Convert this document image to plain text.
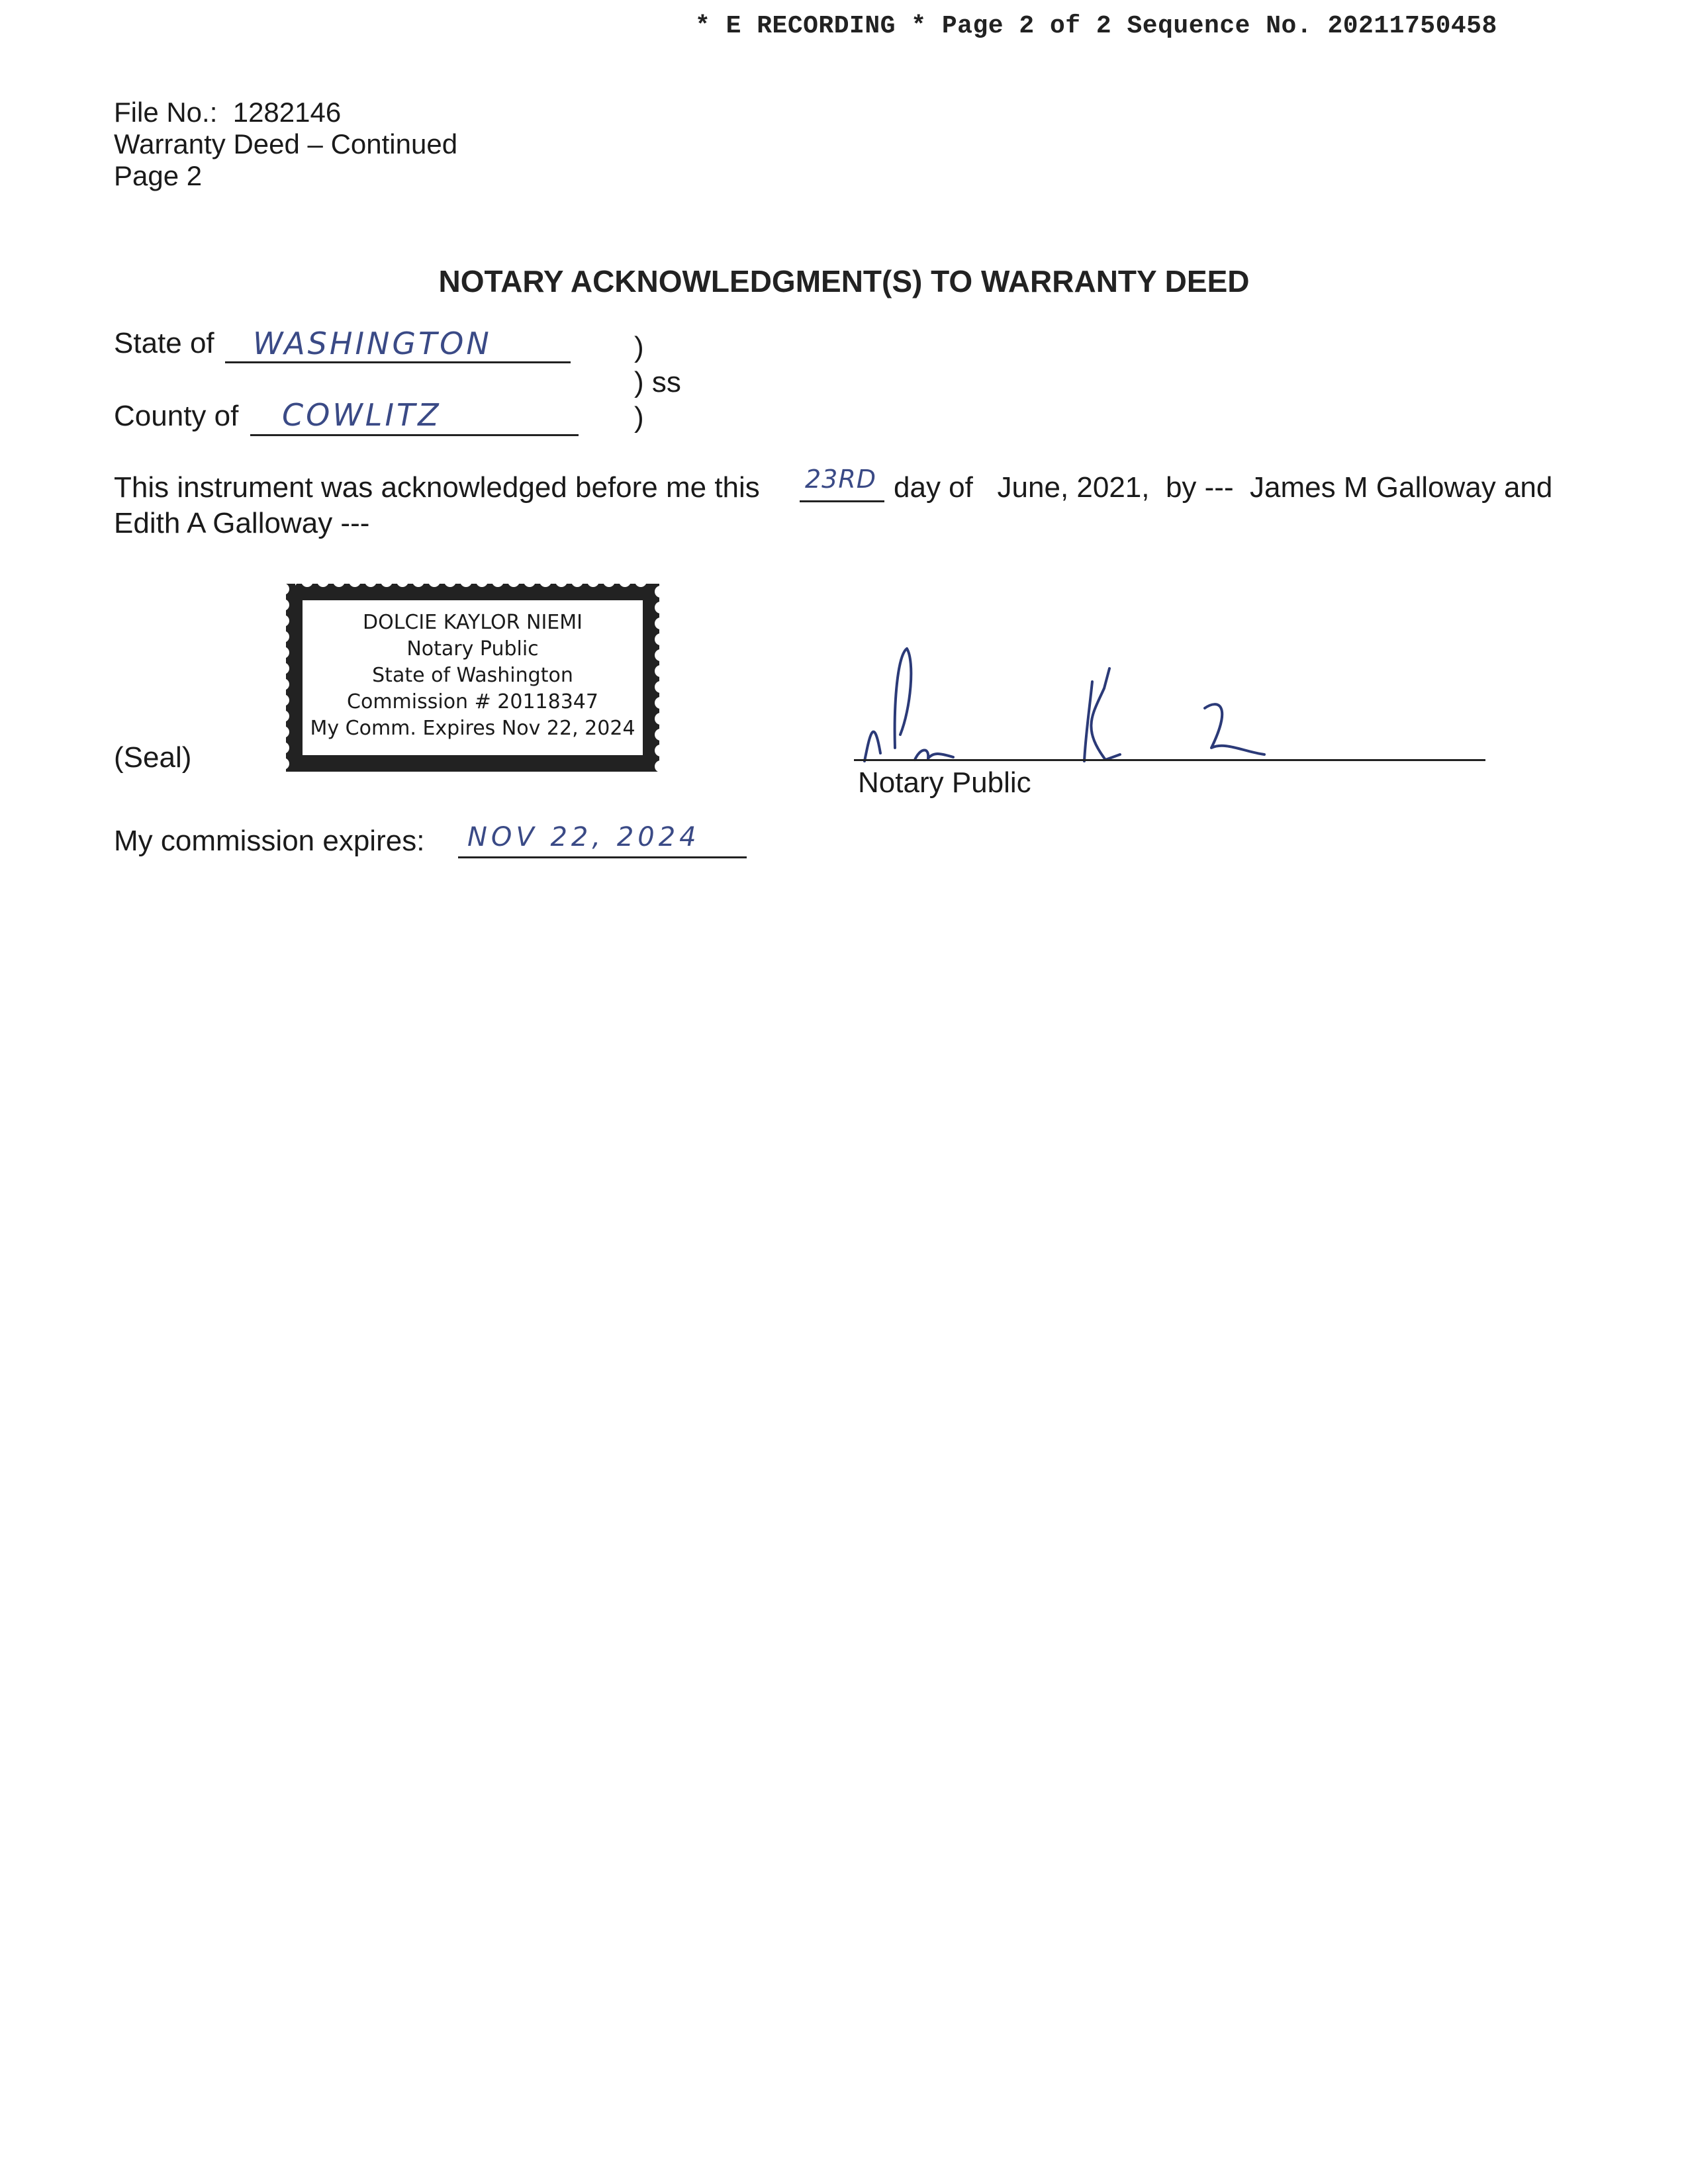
* E RECORDING * Page 2 of 2 Sequence No. 20211750458
File No.: 1282146
Warranty Deed – Continued
Page 2
NOTARY ACKNOWLEDGMENT(S) TO WARRANTY DEED
State of WASHINGTON	)
) ss
)
County of COWLITZ
This instrument was acknowledged before me this 23RD day of   June, 2021,  by ---  James M Galloway and
Edith A Galloway ---
(Seal)
DOLCIE KAYLOR NIEMI
Notary Public
State of Washington
Commission # 20118347
My Comm. Expires Nov 22, 2024
Notary Public
My commission expires: NOV 22, 2024
